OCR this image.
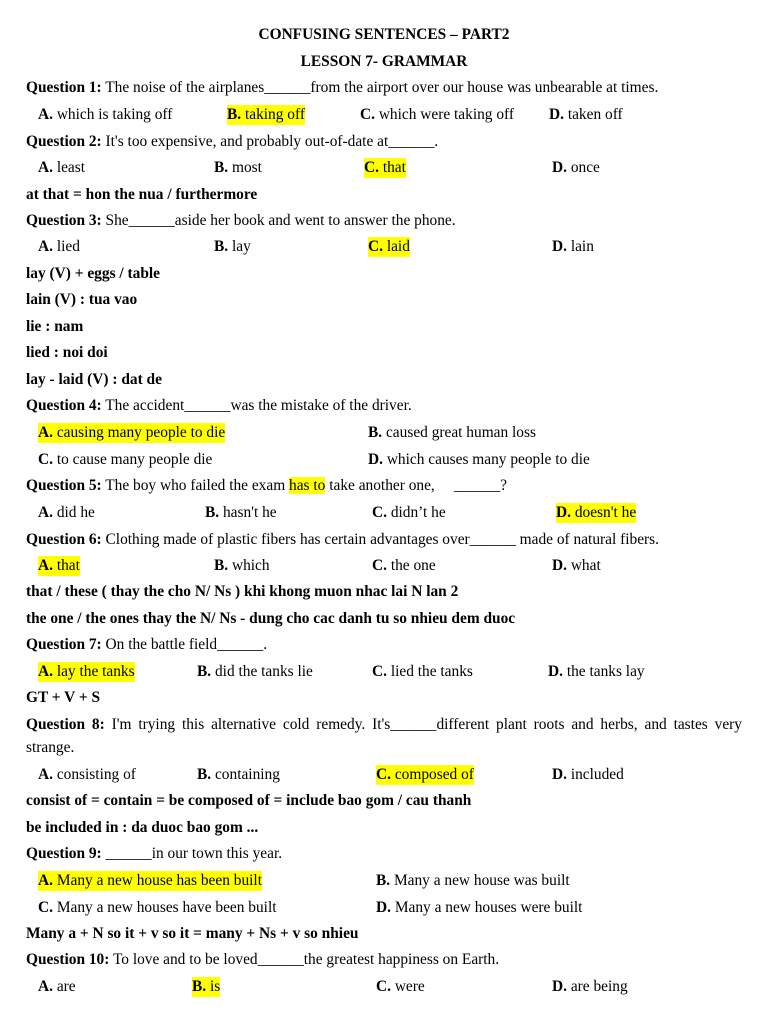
CONFUSING SENTENCES – PART2
LESSON 7- GRAMMAR
Question 1: The noise of the airplanes______from the airport over our house was unbearable at times.
A. which is taking off	B. taking off	C. which were taking off D. taken off
Question 2: It's too expensive, and probably out-of-date at______.
A. least	B. most	C. that	D. once
at that = hon the nua / furthermore
Question 3: She______aside her book and went to answer the phone.
A. lied	B. lay	C. laid	D. lain
lay (V) + eggs / table
lain (V) : tua vao
lie : nam
lied : noi doi
lay - laid (V) : dat de
Question 4: The accident______was the mistake of the driver.
A. causing many people to die	B. caused great human loss
C. to cause many people die	D. which causes many people to die
Question 5: The boy who failed the exam has to take another one,     ______?
A. did he	B. hasn't he	C. didn’t he	D. doesn't he
Question 6: Clothing made of plastic fibers has certain advantages over______ made of natural fibers.
A. that	B. which	C. the one	D. what
that / these ( thay the cho N/ Ns ) khi khong muon nhac lai N lan 2
the one / the ones thay the N/ Ns - dung cho cac danh tu so nhieu dem duoc
Question 7: On the battle field______.
A. lay the tanks	B. did the tanks lie	C. lied the tanks	D. the tanks lay
GT + V + S
Question 8: I'm trying this alternative cold remedy. It's______different plant roots and herbs, and tastes very strange.
A. consisting of	B. containing	C. composed of	D. included
consist of = contain = be composed of = include bao gom / cau thanh
be included in : da duoc bao gom ...
Question 9: ______in our town this year.
A. Many a new house has been built	B. Many a new house was built
C. Many a new houses have been built	D. Many a new houses were built
Many a + N so it + v so it = many + Ns + v so nhieu
Question 10: To love and to be loved______the greatest happiness on Earth.
A. are	B. is	C. were	D. are being
